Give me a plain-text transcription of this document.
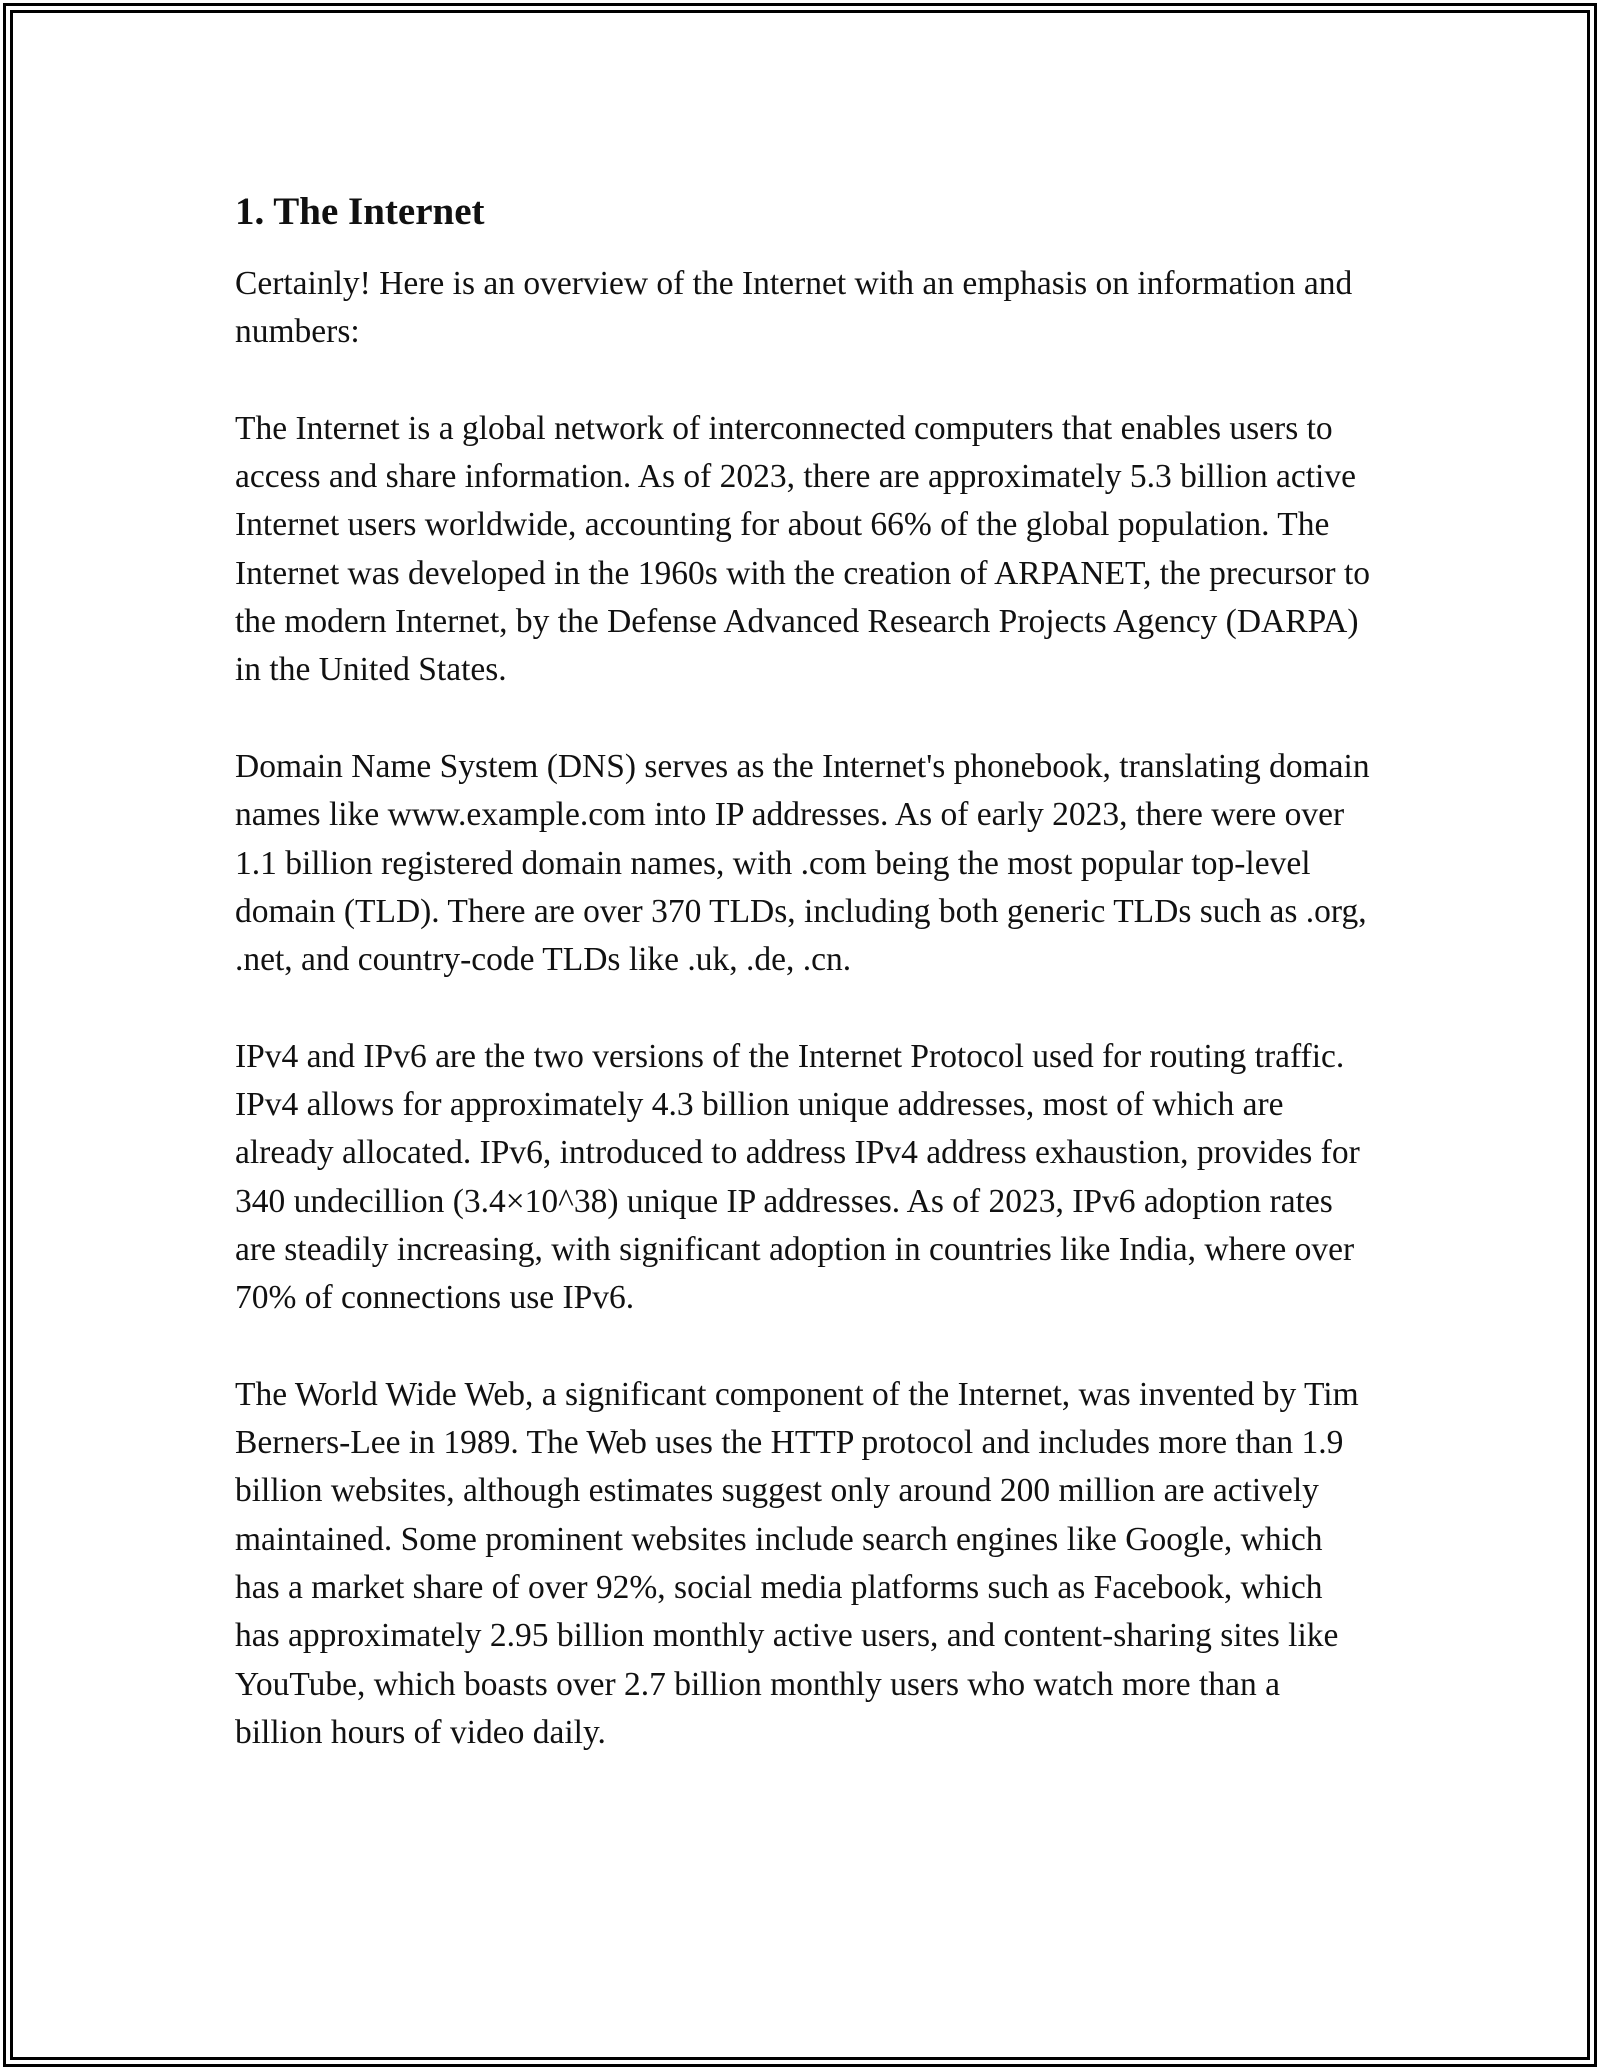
1. The Internet

Certainly! Here is an overview of the Internet with an emphasis on information and numbers:

The Internet is a global network of interconnected computers that enables users to access and share information. As of 2023, there are approximately 5.3 billion active Internet users worldwide, accounting for about 66% of the global population. The Internet was developed in the 1960s with the creation of ARPANET, the precursor to the modern Internet, by the Defense Advanced Research Projects Agency (DARPA) in the United States.

Domain Name System (DNS) serves as the Internet's phonebook, translating domain names like www.example.com into IP addresses. As of early 2023, there were over 1.1 billion registered domain names, with .com being the most popular top-level domain (TLD). There are over 370 TLDs, including both generic TLDs such as .org, .net, and country-code TLDs like .uk, .de, .cn.

IPv4 and IPv6 are the two versions of the Internet Protocol used for routing traffic. IPv4 allows for approximately 4.3 billion unique addresses, most of which are already allocated. IPv6, introduced to address IPv4 address exhaustion, provides for 340 undecillion (3.4×10^38) unique IP addresses. As of 2023, IPv6 adoption rates are steadily increasing, with significant adoption in countries like India, where over 70% of connections use IPv6.

The World Wide Web, a significant component of the Internet, was invented by Tim Berners-Lee in 1989. The Web uses the HTTP protocol and includes more than 1.9 billion websites, although estimates suggest only around 200 million are actively maintained. Some prominent websites include search engines like Google, which has a market share of over 92%, social media platforms such as Facebook, which has approximately 2.95 billion monthly active users, and content-sharing sites like YouTube, which boasts over 2.7 billion monthly users who watch more than a billion hours of video daily.
